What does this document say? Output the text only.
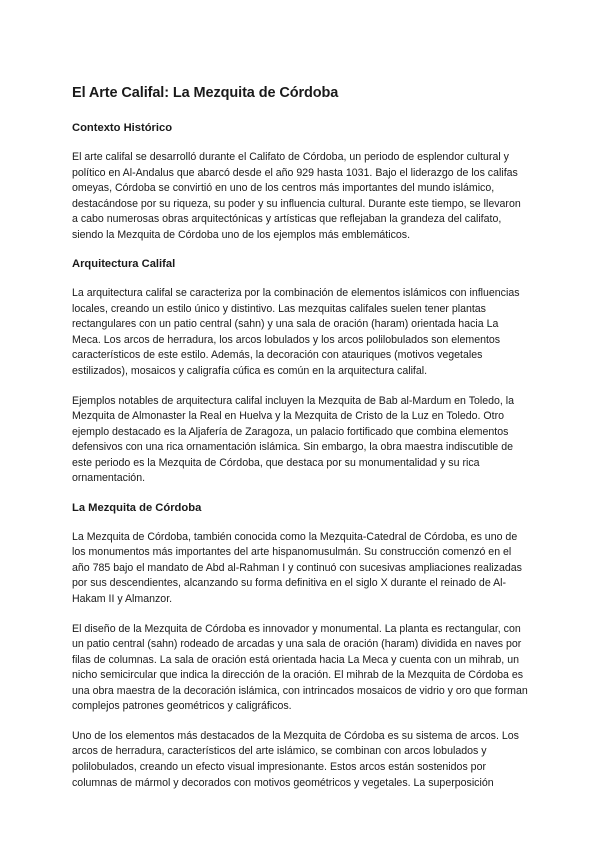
El Arte Califal: La Mezquita de Córdoba
Contexto Histórico

El arte califal se desarrolló durante el Califato de Córdoba, un periodo de esplendor cultural y político en Al-Andalus que abarcó desde el año 929 hasta 1031. Bajo el liderazgo de los califas omeyas, Córdoba se convirtió en uno de los centros más importantes del mundo islámico, destacándose por su riqueza, su poder y su influencia cultural. Durante este tiempo, se llevaron a cabo numerosas obras arquitectónicas y artísticas que reflejaban la grandeza del califato, siendo la Mezquita de Córdoba uno de los ejemplos más emblemáticos.

Arquitectura Califal

La arquitectura califal se caracteriza por la combinación de elementos islámicos con influencias locales, creando un estilo único y distintivo. Las mezquitas califales suelen tener plantas rectangulares con un patio central (sahn) y una sala de oración (haram) orientada hacia La Meca. Los arcos de herradura, los arcos lobulados y los arcos polilobulados son elementos característicos de este estilo. Además, la decoración con atauriques (motivos vegetales estilizados), mosaicos y caligrafía cúfica es común en la arquitectura califal.

Ejemplos notables de arquitectura califal incluyen la Mezquita de Bab al-Mardum en Toledo, la Mezquita de Almonaster la Real en Huelva y la Mezquita de Cristo de la Luz en Toledo. Otro ejemplo destacado es la Aljafería de Zaragoza, un palacio fortificado que combina elementos defensivos con una rica ornamentación islámica. Sin embargo, la obra maestra indiscutible de este periodo es la Mezquita de Córdoba, que destaca por su monumentalidad y su rica ornamentación.

La Mezquita de Córdoba

La Mezquita de Córdoba, también conocida como la Mezquita-Catedral de Córdoba, es uno de los monumentos más importantes del arte hispanomusulmán. Su construcción comenzó en el año 785 bajo el mandato de Abd al-Rahman I y continuó con sucesivas ampliaciones realizadas por sus descendientes, alcanzando su forma definitiva en el siglo X durante el reinado de Al-Hakam II y Almanzor.

El diseño de la Mezquita de Córdoba es innovador y monumental. La planta es rectangular, con un patio central (sahn) rodeado de arcadas y una sala de oración (haram) dividida en naves por filas de columnas. La sala de oración está orientada hacia La Meca y cuenta con un mihrab, un nicho semicircular que indica la dirección de la oración. El mihrab de la Mezquita de Córdoba es una obra maestra de la decoración islámica, con intrincados mosaicos de vidrio y oro que forman complejos patrones geométricos y caligráficos.

Uno de los elementos más destacados de la Mezquita de Córdoba es su sistema de arcos. Los arcos de herradura, característicos del arte islámico, se combinan con arcos lobulados y polilobulados, creando un efecto visual impresionante. Estos arcos están sostenidos por columnas de mármol y decorados con motivos geométricos y vegetales. La superposición
